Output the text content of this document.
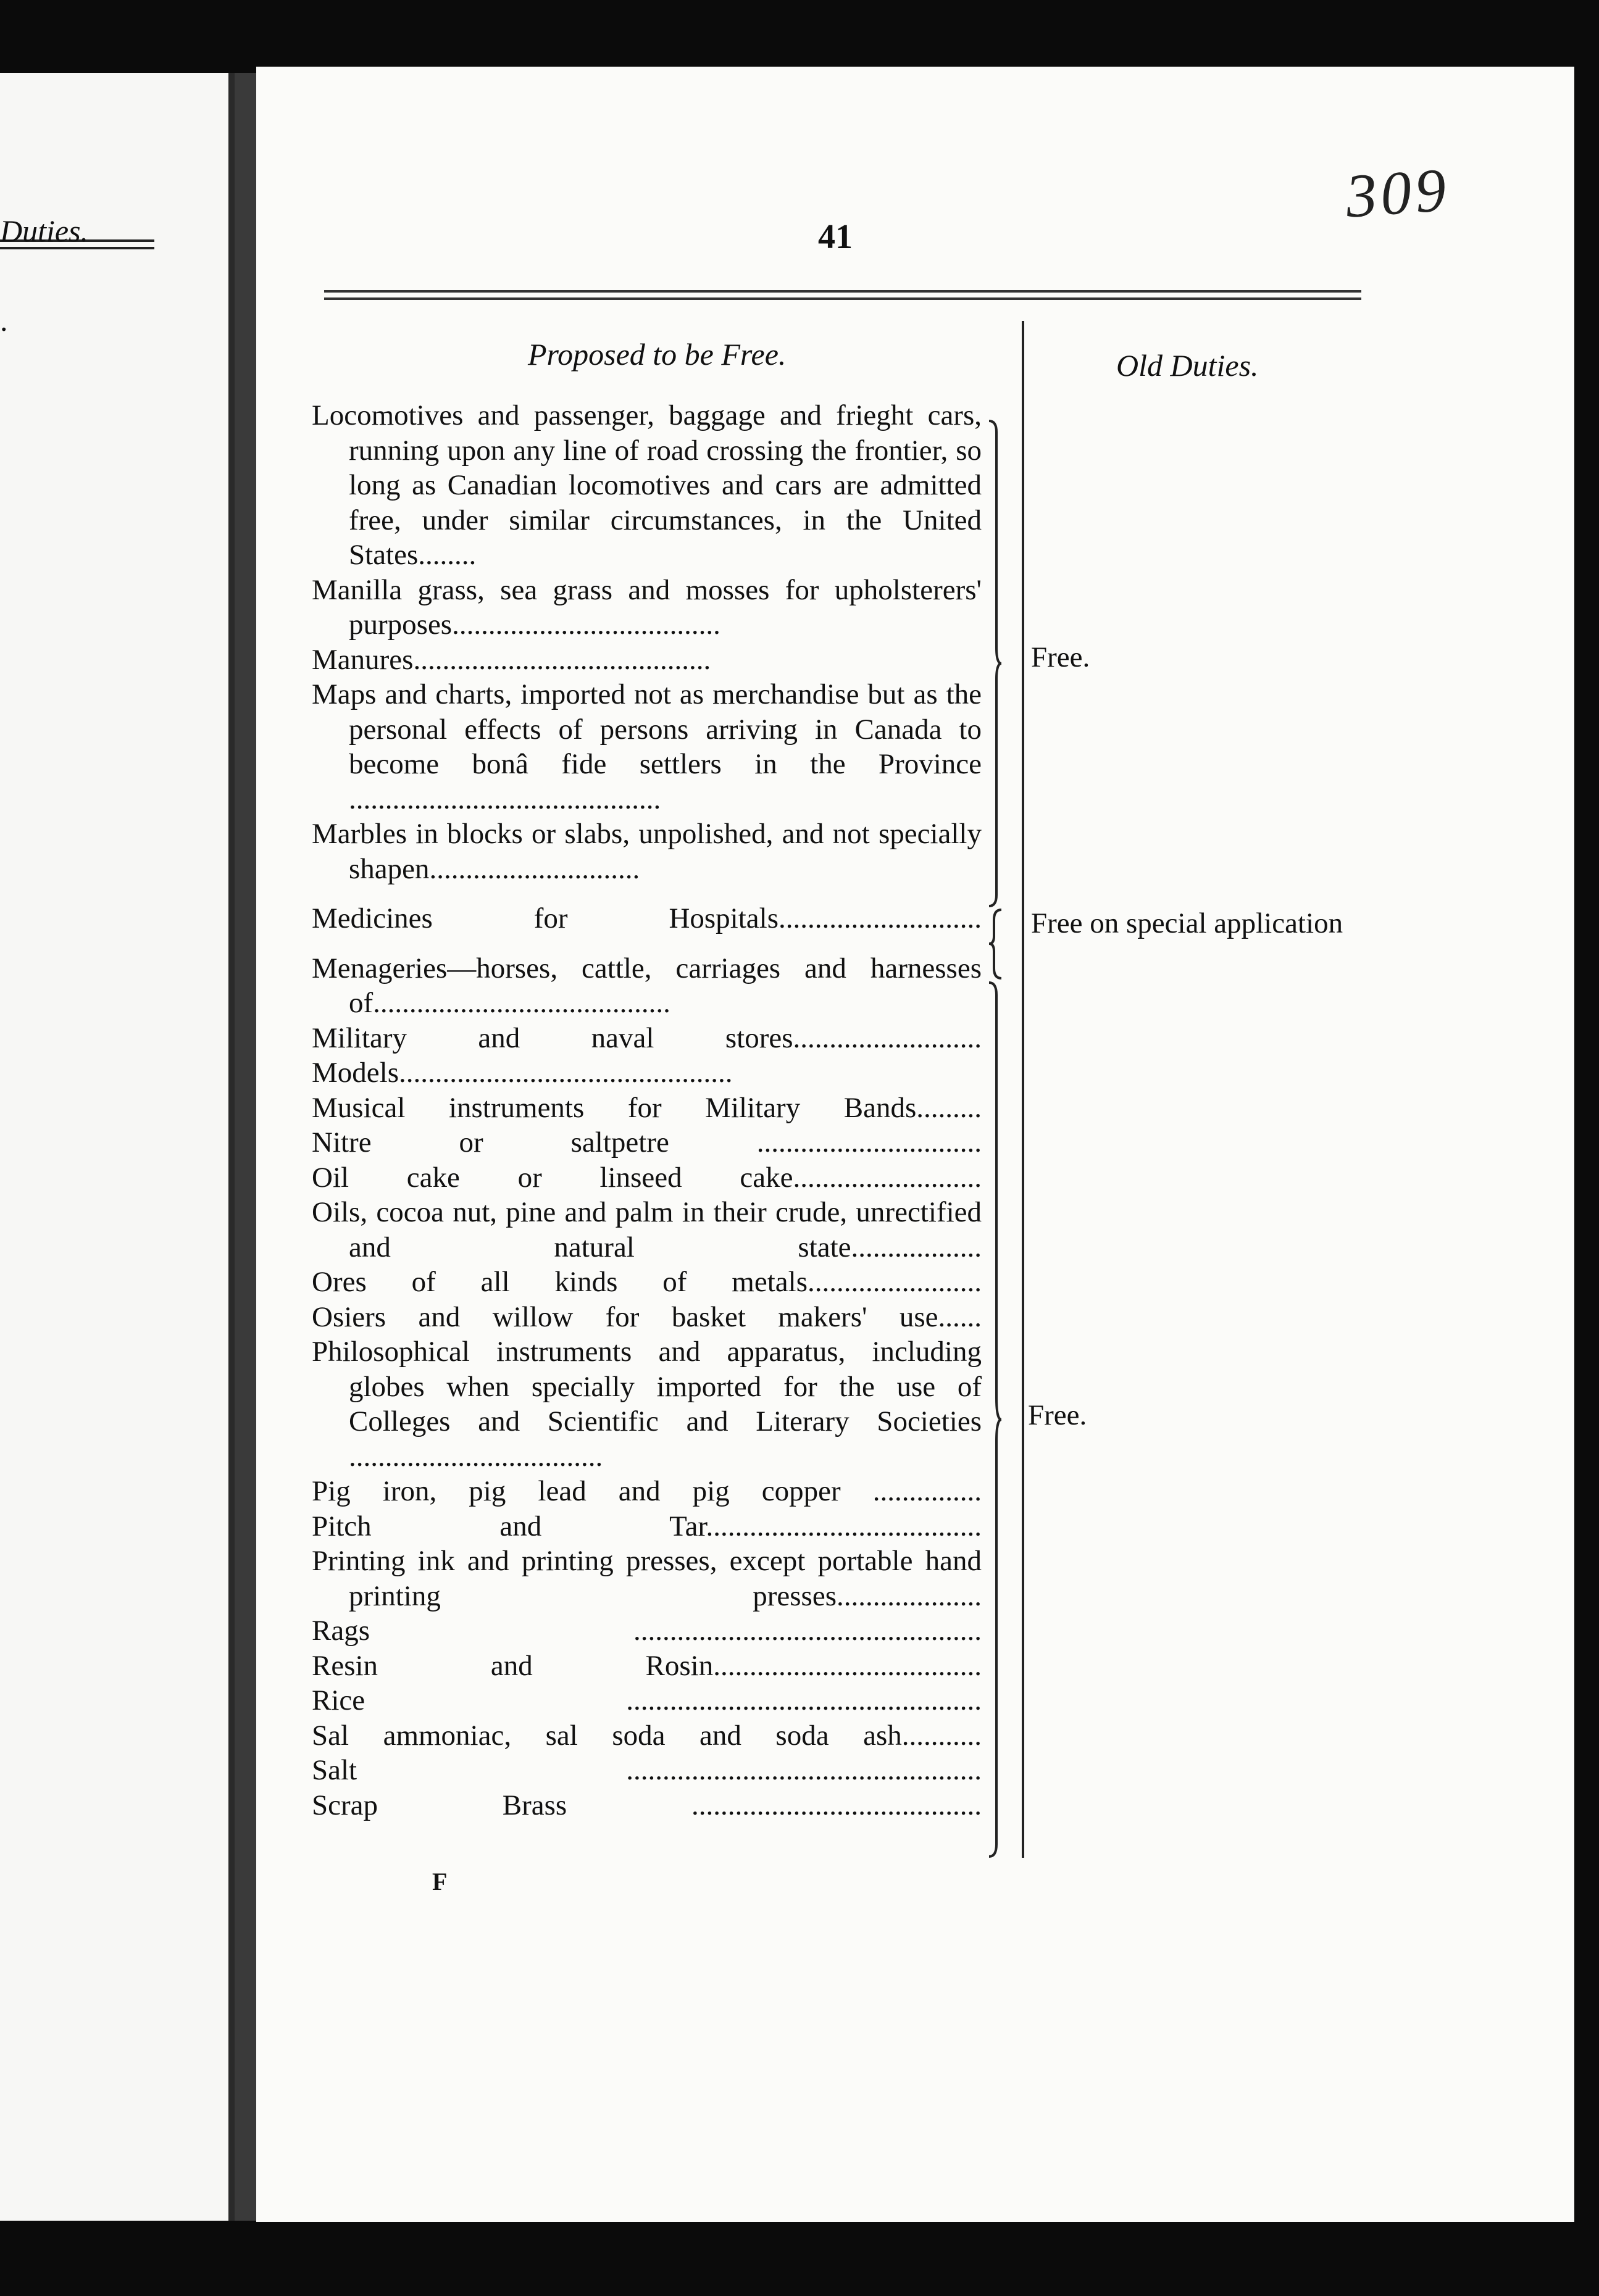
Duties.
.
41
309
Proposed to be Free.	Old Duties.
Locomotives and passenger, baggage and frieght cars, running upon any line of road crossing the frontier, so long as Canadian locomotives and cars are admitted free, under similar circumstances, in the United States........
Manilla grass, sea grass and mosses for upholsterers' purposes.....................................
Manures.........................................
Maps and charts, imported not as merchandise but as the personal effects of persons arriving in Canada to become bonâ fide settlers in the Province ...........................................
Marbles in blocks or slabs, unpolished, and not specially shapen.............................
Medicines for Hospitals............................
Menageries—horses, cattle, carriages and harnesses of.........................................
Military and naval stores..........................
Models..............................................
Musical instruments for Military Bands.........
Nitre or saltpetre ...............................
Oil cake or linseed cake..........................
Oils, cocoa nut, pine and palm in their crude, unrectified and natural state..................
Ores of all kinds of metals........................
Osiers and willow for basket makers' use......
Philosophical instruments and apparatus, including globes when specially imported for the use of Colleges and Scientific and Literary Societies ...................................
Pig iron, pig lead and pig copper ...............
Pitch and Tar......................................
Printing ink and printing presses, except portable hand printing presses....................
Rags ................................................
Resin and Rosin.....................................
Rice .................................................
Sal ammoniac, sal soda and soda ash...........
Salt .................................................
Scrap Brass ........................................
Free.
Free on special application
Free.
F
